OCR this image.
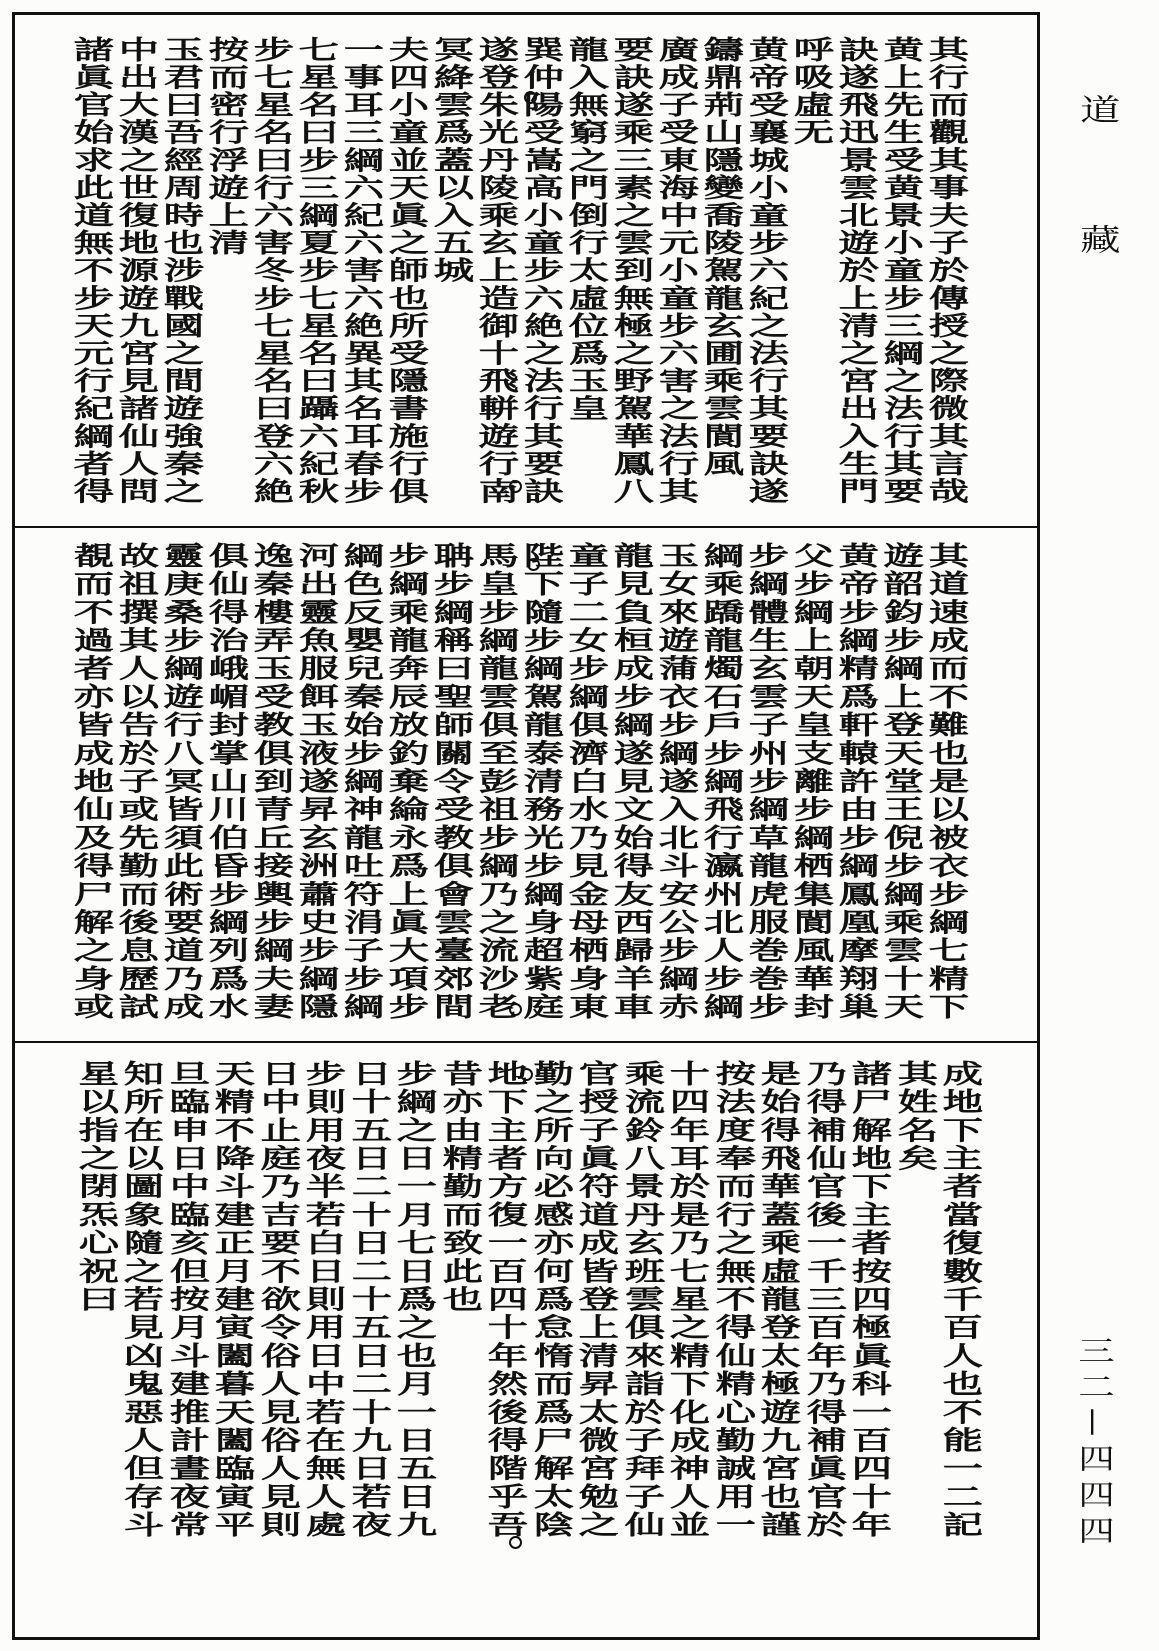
其行而觀其事夫子於傳授之際微其言哉
黄上先生受黄景小童步三綱之法行其要
訣遂飛迅景雲北遊於上清之宮出入生門
呼吸虛无
黄帝受襄城小童步六紀之法行其要訣遂
鑄鼎荊山隱變喬陵駕龍玄圃乘雲閬風
廣成子受東海中元小童步六害之法行其
要訣遂乘三素之雲到無極之野駕華鳳八
龍入無窮之門倒行太虛位爲玉皇
巽仲陽受嵩高小童步六絶之法行其要訣
遂登朱光丹陵乘玄上造御十飛軿遊行南
冥絳雲爲蓋以入五城
夫四小童並天眞之師也所受隱書施行俱
一事耳三綱六紀六害六絶異其名耳春步
七星名曰步三綱夏步七星名曰躡六紀秋
步七星名曰行六害冬步七星名曰登六絶
按而密行浮遊上清
玉君曰吾經周時也涉戰國之間遊強秦之
中出大漢之世復地源遊九宮見諸仙人問
諸眞官始求此道無不步天元行紀綱者得
其道速成而不難也是以被衣步綱七精下
遊韶鈞步綱上登天堂王倪步綱乘雲十天
黄帝步綱精爲軒轅許由步綱鳳凰摩翔巢
父步綱上朝天皇支離步綱栖集閬風華封
步綱體生玄雲子州步綱草龍虎服巻巻步
綱乘蹻龍燭石戶步綱飛行瀛州北人步綱
玉女來遊蒲衣步綱遂入北斗安公步綱赤
龍見負桓成步綱遂見文始得友西歸羊車
童子二女步綱俱濟白水乃見金母栖身東
陛下隨步綱駕龍泰清務光步綱身超紫庭
馬皇步綱龍雲俱至彭祖步綱乃之流沙老
聃步綱稱曰聖師關令受教俱會雲臺郊間
步綱乘龍奔辰放釣棄綸永爲上眞大項步
綱色反嬰兒秦始步綱神龍吐符涓子步綱
河出靈魚服餌玉液遂昇玄洲蕭史步綱隱
逸秦樓弄玉受教俱到青丘接輿步綱夫妻
俱仙得治峨嵋封掌山川伯昏步綱列爲水
靈庚桑步綱遊行八冥皆須此術要道乃成
故祖撰其人以告於子或先勤而後息歷試
覩而不過者亦皆成地仙及得尸解之身或
成地下主者當復數千百人也不能一二記
其姓名矣
諸尸解地下主者按四極眞科一百四十年
乃得補仙官後一千三百年乃得補眞官於
是始得飛華蓋乘虛龍登太極遊九宮也謹
按法度奉而行之無不得仙精心勤誠用一
十四年耳於是乃七星之精下化成神人並
乘流鈴八景丹玄班雲俱來詣於子拜子仙
官授子眞符道成皆登上清昇太微宮勉之
勤之所向必感亦何爲怠惰而爲尸解太陰
地下主者方復一百四十年然後得階乎吾
昔亦由精勤而致此也
步綱之日一月七日爲之也月一日五日九
日十五日二十日二十五日二十九日若夜
步則用夜半若白日則用日中若在無人處
日中止庭乃吉要不欲令俗人見俗人見則
天精不降斗建正月建寅闔暮天闔臨寅平
旦臨申日中臨亥但按月斗建推計晝夜常
知所在以圖象隨之若見凶鬼惡人但存斗
星以指之閉炁心祝曰
道
藏
三二—四四四
